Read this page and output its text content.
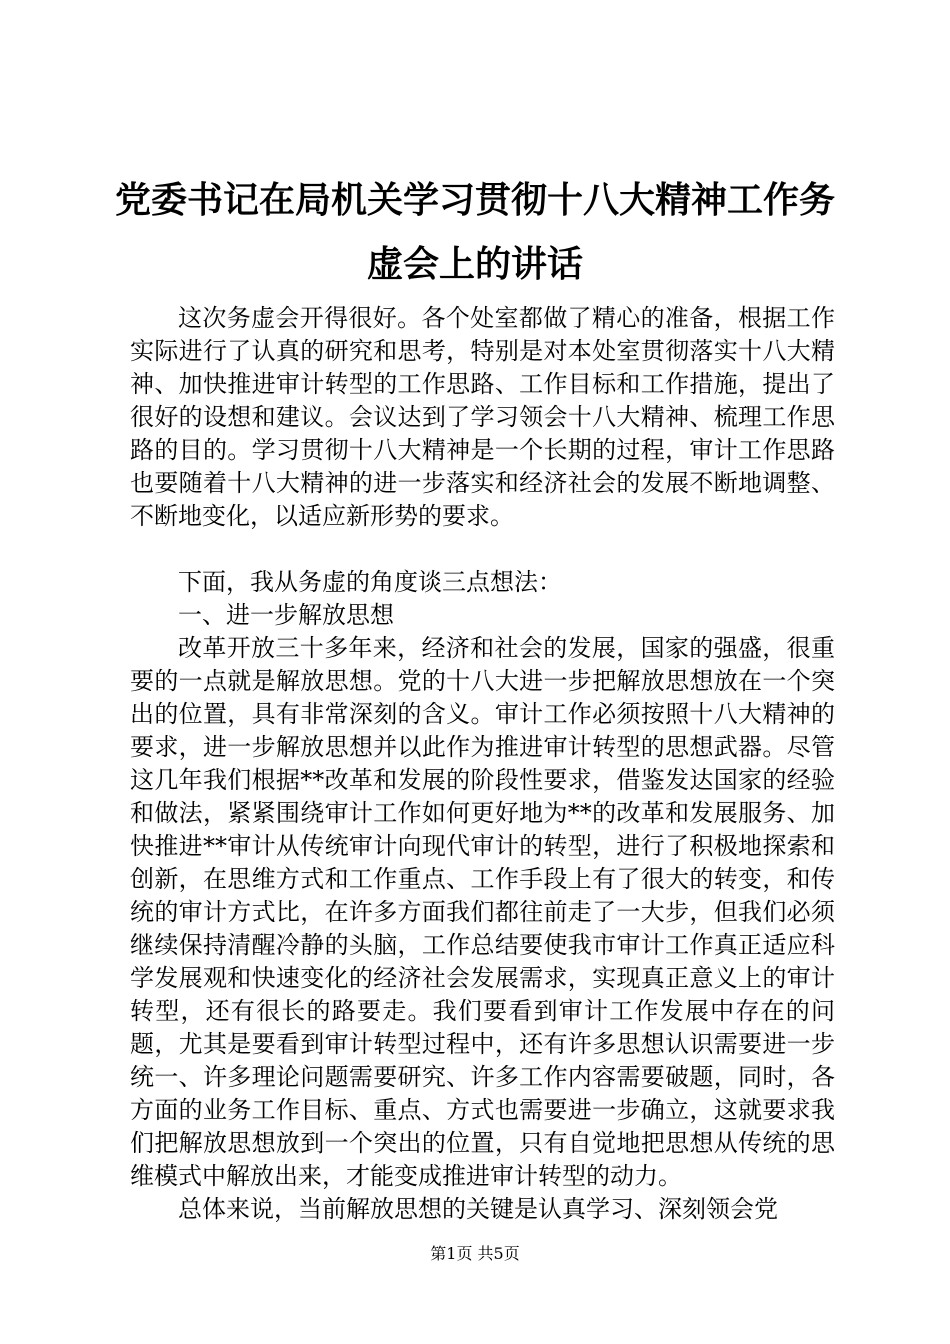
党委书记在局机关学习贯彻十八大精神工作务
虚会上的讲话

这次务虚会开得很好。各个处室都做了精心的准备，根据工作实际进行了认真的研究和思考，特别是对本处室贯彻落实十八大精神、加快推进审计转型的工作思路、工作目标和工作措施，提出了很好的设想和建议。会议达到了学习领会十八大精神、梳理工作思路的目的。学习贯彻十八大精神是一个长期的过程，审计工作思路也要随着十八大精神的进一步落实和经济社会的发展不断地调整、不断地变化，以适应新形势的要求。

下面，我从务虚的角度谈三点想法：

一、进一步解放思想

改革开放三十多年来，经济和社会的发展，国家的强盛，很重要的一点就是解放思想。党的十八大进一步把解放思想放在一个突出的位置，具有非常深刻的含义。审计工作必须按照十八大精神的要求，进一步解放思想并以此作为推进审计转型的思想武器。尽管这几年我们根据**改革和发展的阶段性要求，借鉴发达国家的经验和做法，紧紧围绕审计工作如何更好地为**的改革和发展服务、加快推进**审计从传统审计向现代审计的转型，进行了积极地探索和创新，在思维方式和工作重点、工作手段上有了很大的转变，和传统的审计方式比，在许多方面我们都往前走了一大步，但我们必须继续保持清醒冷静的头脑，工作总结要使我市审计工作真正适应科学发展观和快速变化的经济社会发展需求，实现真正意义上的审计转型，还有很长的路要走。我们要看到审计工作发展中存在的问题，尤其是要看到审计转型过程中，还有许多思想认识需要进一步统一、许多理论问题需要研究、许多工作内容需要破题，同时，各方面的业务工作目标、重点、方式也需要进一步确立，这就要求我们把解放思想放到一个突出的位置，只有自觉地把思想从传统的思维模式中解放出来，才能变成推进审计转型的动力。

总体来说，当前解放思想的关键是认真学习、深刻领会党

第1页 共5页
